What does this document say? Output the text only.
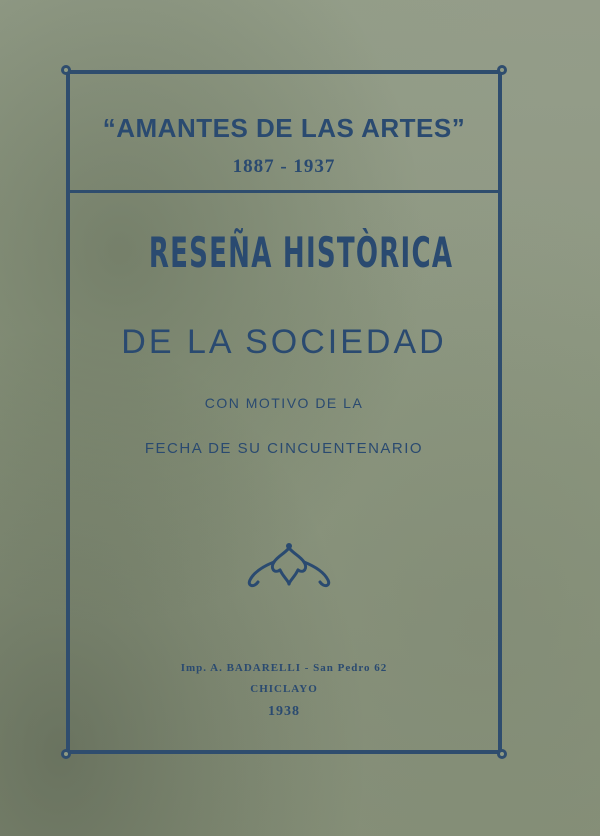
“AMANTES DE LAS ARTES”
1887 - 1937
RESEÑA HISTÒRICA
DE LA SOCIEDAD
CON MOTIVO DE LA
FECHA DE SU CINCUENTENARIO
Imp. A. BADARELLI - San Pedro 62
CHICLAYO
1938
